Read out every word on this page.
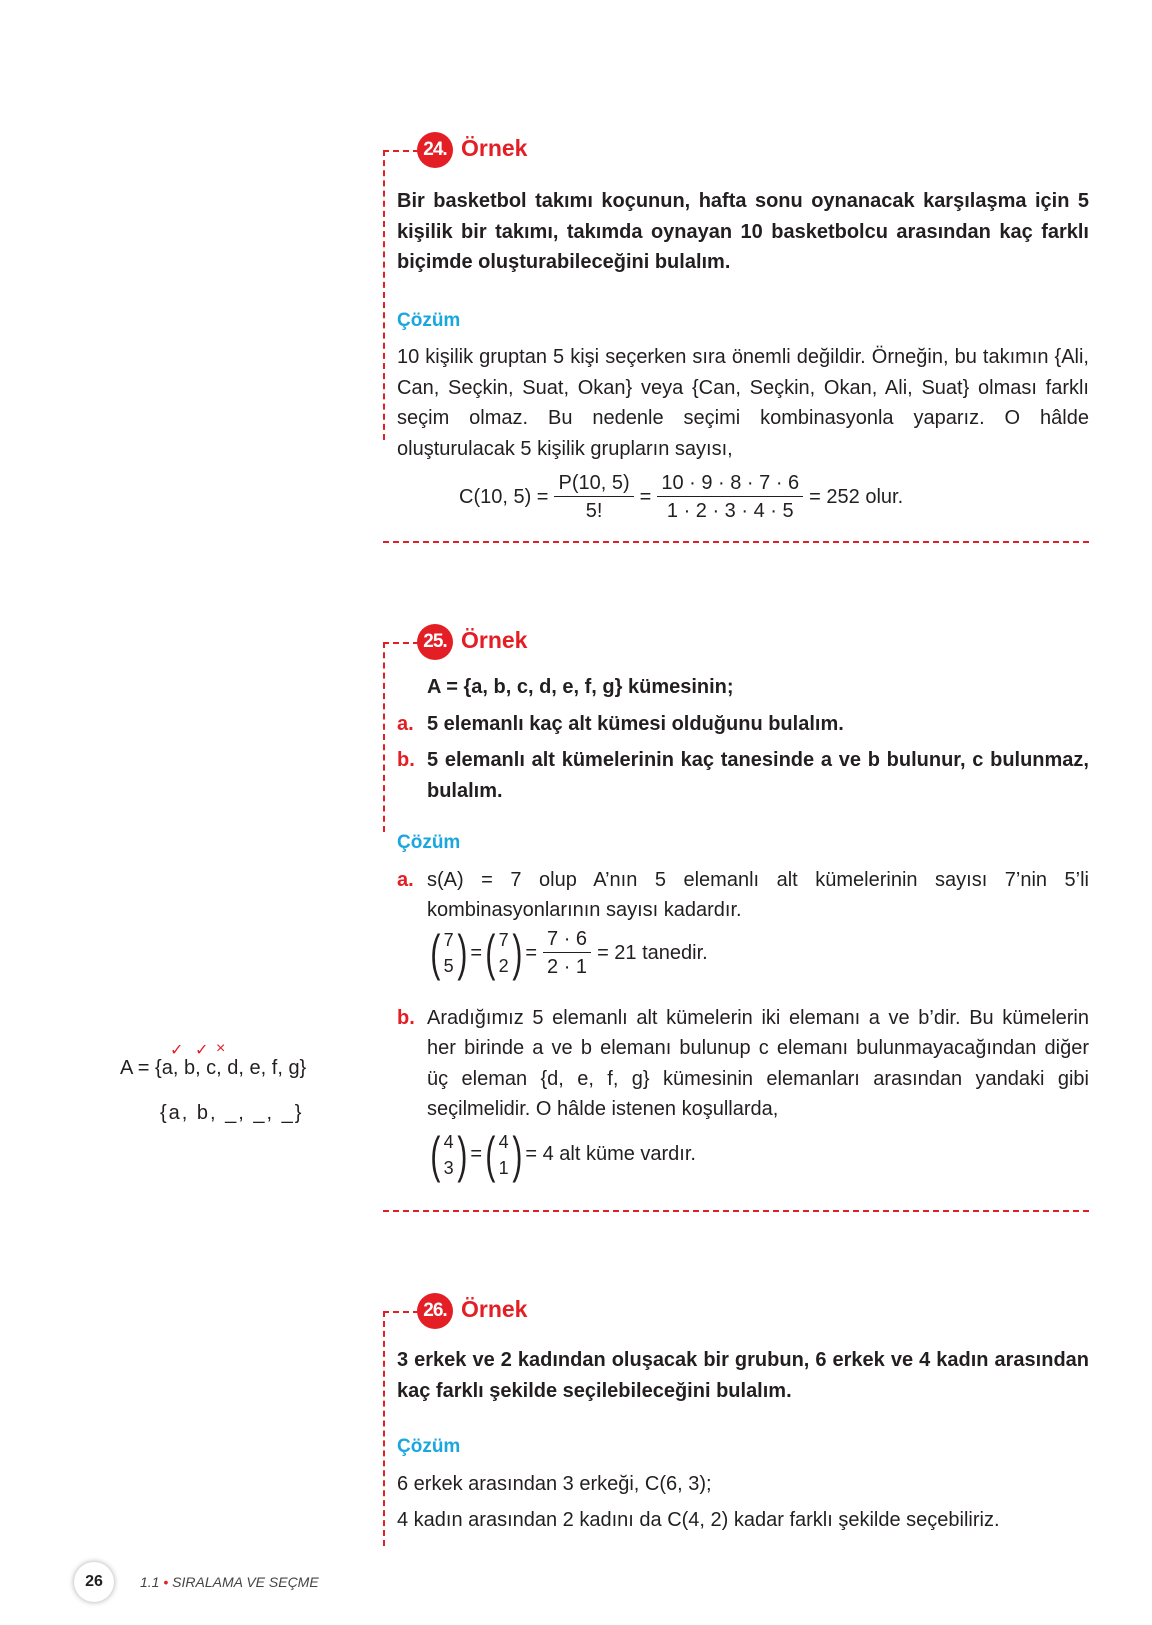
24. Örnek
Bir basketbol takımı koçunun, hafta sonu oynanacak karşılaşma için 5 kişilik bir takımı, takımda oynayan 10 basketbolcu arasından kaç farklı biçimde oluşturabileceğini bulalım.
Çözüm
10 kişilik gruptan 5 kişi seçerken sıra önemli değildir. Örneğin, bu takımın {Ali, Can, Seçkin, Suat, Okan} veya {Can, Seçkin, Okan, Ali, Suat} olması farklı seçim olmaz. Bu nedenle seçimi kombinasyonla yaparız. O hâlde oluşturulacak 5 kişilik grupların sayısı,
C(10, $5) = \frac{P(10, 5)}{5!} = \frac{10 \cdot 9 \cdot 8 \cdot 7 \cdot 6}{1 \cdot 2 \cdot 3 \cdot 4 \cdot 5} = 252$ olur.
25. Örnek
A = {a, b, c, d, e, f, g} kümesinin;
a. 5 elemanlı kaç alt kümesi olduğunu bulalım.
b. 5 elemanlı alt kümelerinin kaç tanesinde a ve b bulunur, c bulunmaz, bulalım.
Çözüm
a. s(A) = 7 olup A’nın 5 elemanlı alt kümelerinin sayısı 7’nin 5’li kombinasyonlarının sayısı kadardır.
( 7
5 ) = ( 7
2 ) = $\frac{7 \cdot 6}{2 \cdot 1} = 21$ tanedir.
b. Aradığımız 5 elemanlı alt kümelerin iki elemanı a ve b’dir. Bu kümelerin her birinde a ve b elemanı bulunup c elemanı bulunmayacağından diğer üç eleman {d, e, f, g} kümesinin elemanları arasından yandaki gibi seçilmelidir. O hâlde istenen koşullarda,
( 4
3 ) = ( 4
1 ) = 4 alt küme vardır.
A = {a, b, c, d, e, f, g}
✓ ✓ ×
{a, b, _, _, _}
26. Örnek
3 erkek ve 2 kadından oluşacak bir grubun, 6 erkek ve 4 kadın arasından kaç farklı şekilde seçilebileceğini bulalım.
Çözüm
6 erkek arasından 3 erkeği, C(6, 3);
4 kadın arasından 2 kadını da C(4, 2) kadar farklı şekilde seçebiliriz.
26	1.1 • SIRALAMA VE SEÇME
